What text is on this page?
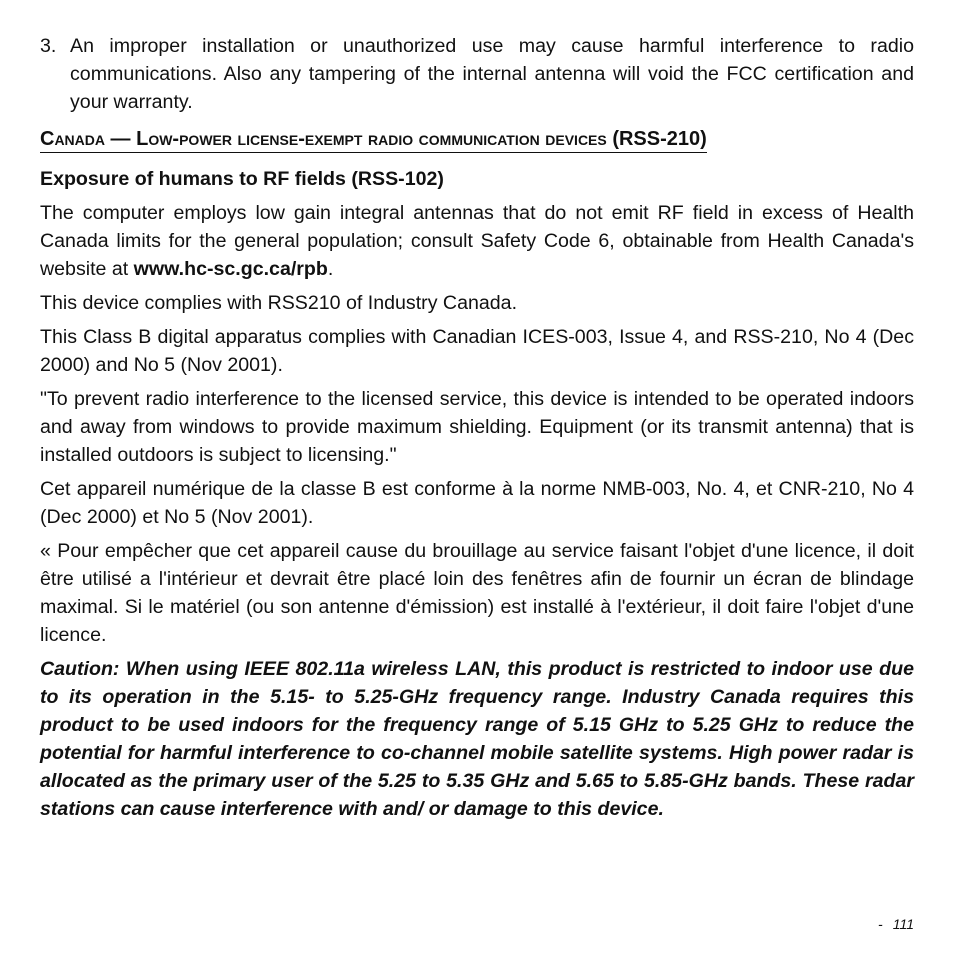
3. An improper installation or unauthorized use may cause harmful interference to radio communications. Also any tampering of the internal antenna will void the FCC certification and your warranty.

Canada — Low-power license-exempt radio communication devices (RSS-210)

Exposure of humans to RF fields (RSS-102)

The computer employs low gain integral antennas that do not emit RF field in excess of Health Canada limits for the general population; consult Safety Code 6, obtainable from Health Canada's website at www.hc-sc.gc.ca/rpb.

This device complies with RSS210 of Industry Canada.

This Class B digital apparatus complies with Canadian ICES-003, Issue 4, and RSS-210, No 4 (Dec 2000) and No 5 (Nov 2001).

"To prevent radio interference to the licensed service, this device is intended to be operated indoors and away from windows to provide maximum shielding. Equipment (or its transmit antenna) that is installed outdoors is subject to licensing."

Cet appareil numérique de la classe B est conforme à la norme NMB-003, No. 4, et CNR-210, No 4 (Dec 2000) et No 5 (Nov 2001).

« Pour empêcher que cet appareil cause du brouillage au service faisant l'objet d'une licence, il doit être utilisé a l'intérieur et devrait être placé loin des fenêtres afin de fournir un écran de blindage maximal. Si le matériel (ou son antenne d'émission) est installé à l'extérieur, il doit faire l'objet d'une licence.

Caution: When using IEEE 802.11a wireless LAN, this product is restricted to indoor use due to its operation in the 5.15- to 5.25-GHz frequency range. Industry Canada requires this product to be used indoors for the frequency range of 5.15 GHz to 5.25 GHz to reduce the potential for harmful interference to co-channel mobile satellite systems. High power radar is allocated as the primary user of the 5.25 to 5.35 GHz and 5.65 to 5.85-GHz bands. These radar stations can cause interference with and/ or damage to this device.

- 111
